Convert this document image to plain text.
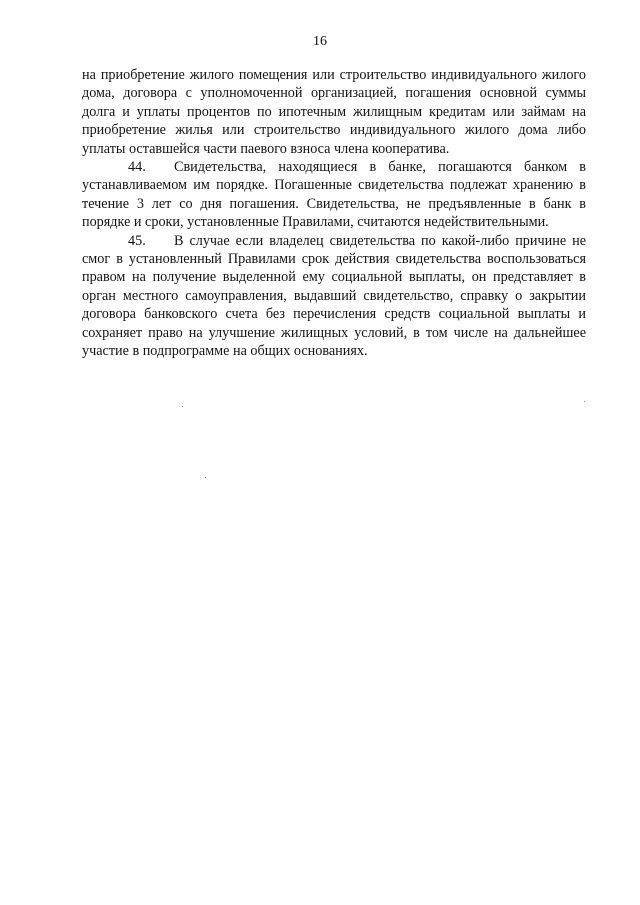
16

на приобретение жилого помещения или строительство индивидуального жилого дома, договора с уполномоченной организацией, погашения основной суммы долга и уплаты процентов по ипотечным жилищным кредитам или займам на приобретение жилья или строительство индивидуального жилого дома либо уплаты оставшейся части паевого взноса члена кооператива.

44. Свидетельства, находящиеся в банке, погашаются банком в устанавливаемом им порядке. Погашенные свидетельства подлежат хранению в течение 3 лет со дня погашения. Свидетельства, не предъявленные в банк в порядке и сроки, установленные Правилами, считаются недействительными.

45. В случае если владелец свидетельства по какой-либо причине не смог в установленный Правилами срок действия свидетельства воспользоваться правом на получение выделенной ему социальной выплаты, он представляет в орган местного самоуправления, выдавший свидетельство, справку о закрытии договора банковского счета без перечисления средств социальной выплаты и сохраняет право на улучшение жилищных условий, в том числе на дальнейшее участие в подпрограмме на общих основаниях.
